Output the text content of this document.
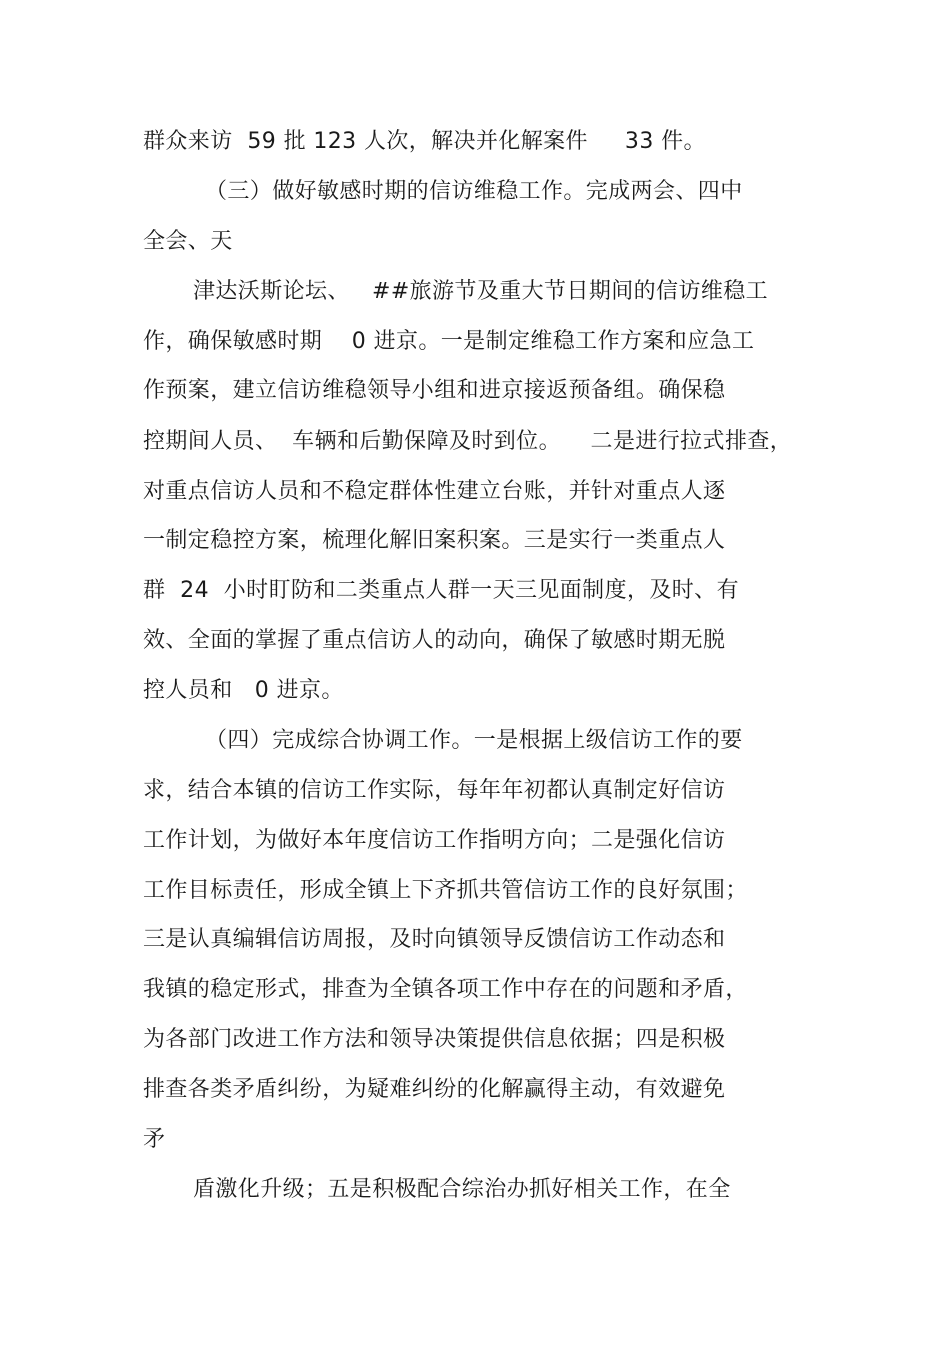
群众来访  59 批 123 人次，解决并化解案件     33 件。
（三）做好敏感时期的信访维稳工作。完成两会、四中
全会、天
津达沃斯论坛、   ##旅游节及重大节日期间的信访维稳工
作，确保敏感时期    0 进京。一是制定维稳工作方案和应急工
作预案，建立信访维稳领导小组和进京接返预备组。确保稳
控期间人员、  车辆和后勤保障及时到位。    二是进行拉式排查，
对重点信访人员和不稳定群体性建立台账，并针对重点人逐
一制定稳控方案，梳理化解旧案积案。三是实行一类重点人
群  24  小时盯防和二类重点人群一天三见面制度，及时、有
效、全面的掌握了重点信访人的动向，确保了敏感时期无脱
控人员和   0 进京。
（四）完成综合协调工作。一是根据上级信访工作的要
求，结合本镇的信访工作实际，每年年初都认真制定好信访
工作计划，为做好本年度信访工作指明方向；二是强化信访
工作目标责任，形成全镇上下齐抓共管信访工作的良好氛围；
三是认真编辑信访周报，及时向镇领导反馈信访工作动态和
我镇的稳定形式，排查为全镇各项工作中存在的问题和矛盾，
为各部门改进工作方法和领导决策提供信息依据；四是积极
排查各类矛盾纠纷，为疑难纠纷的化解赢得主动，有效避免
矛
盾激化升级；五是积极配合综治办抓好相关工作，在全
